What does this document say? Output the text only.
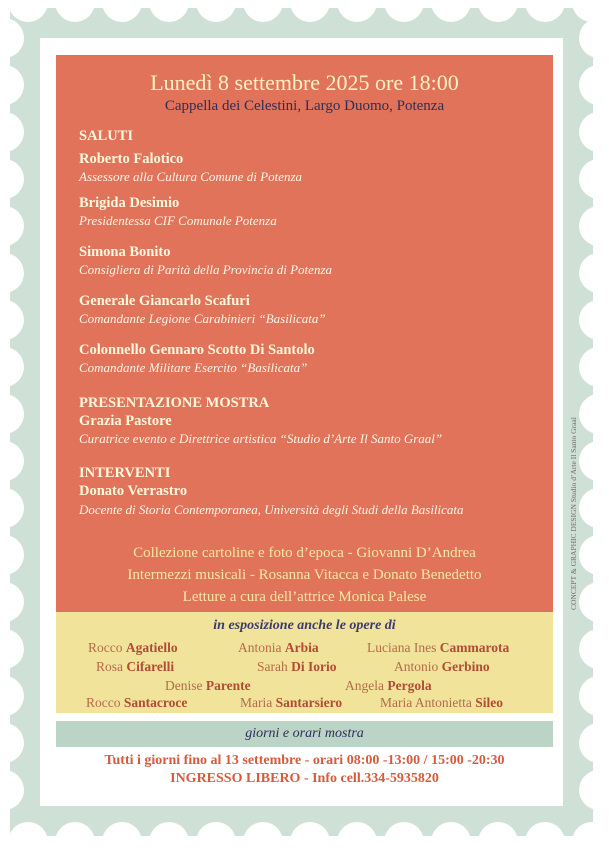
Lunedì 8 settembre 2025 ore 18:00
Cappella dei Celestini, Largo Duomo, Potenza
SALUTI
Roberto Falotico
Assessore alla Cultura Comune di Potenza
Brigida Desimio
Presidentessa CIF Comunale Potenza
Simona Bonito
Consigliera di Parità della Provincia di Potenza
Generale Giancarlo Scafuri
Comandante Legione Carabinieri “Basilicata”
Colonnello Gennaro Scotto Di Santolo
Comandante Militare Esercito “Basilicata”
PRESENTAZIONE MOSTRA
Grazia Pastore
Curatrice evento e Direttrice artistica “Studio d’Arte Il Santo Graal”
INTERVENTI
Donato Verrastro
Docente di Storia Contemporanea, Università degli Studi della Basilicata
Collezione cartoline e foto d’epoca - Giovanni D’Andrea
Intermezzi musicali - Rosanna Vitacca e Donato Benedetto
Letture a cura dell’attrice Monica Palese
in esposizione anche le opere di
Rocco Agatiello	Antonia Arbia	Luciana Ines Cammarota
Rosa Cifarelli	Sarah Di Iorio	Antonio Gerbino
Denise Parente	Angela Pergola
Rocco Santacroce	Maria Santarsiero	Maria Antonietta Sileo
giorni e orari mostra
Tutti i giorni fino al 13 settembre - orari 08:00 -13:00 / 15:00 -20:30
INGRESSO LIBERO - Info cell.334-5935820
CONCEPT & GRAPHIC DESIGN Studio d’Arte Il Santo Graal
